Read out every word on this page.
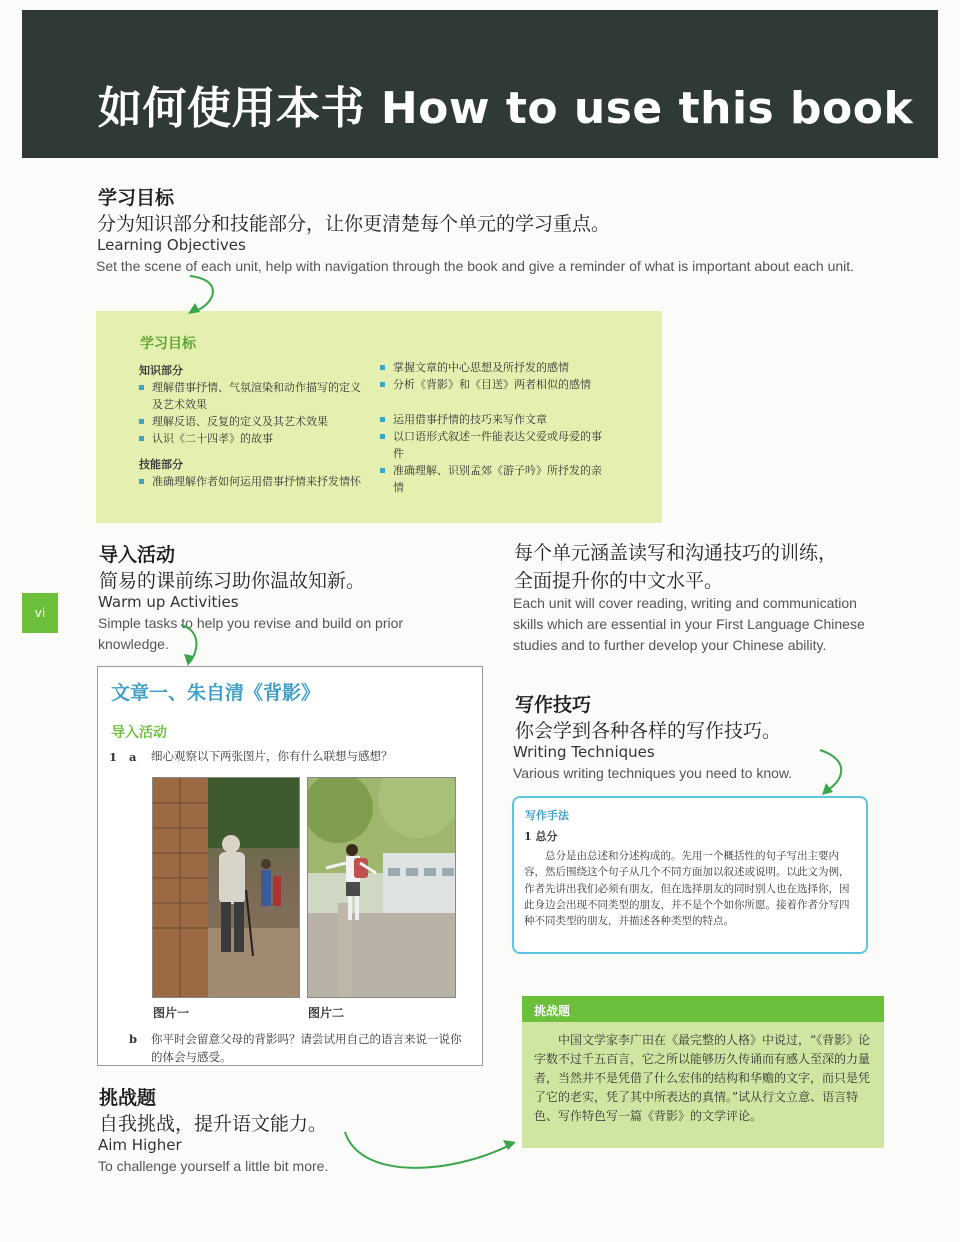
如何使用本书 How to use this book
学习目标
分为知识部分和技能部分，让你更清楚每个单元的学习重点。
Learning Objectives
Set the scene of each unit, help with navigation through the book and give a reminder of what is important about each unit.
学习目标
知识部分
理解借事抒情、气氛渲染和动作描写的定义及艺术效果
理解反语、反复的定义及其艺术效果
认识《二十四孝》的故事
技能部分
准确理解作者如何运用借事抒情来抒发情怀
掌握文章的中心思想及所抒发的感情
分析《背影》和《目送》两者相似的感情
运用借事抒情的技巧来写作文章
以口语形式叙述一件能表达父爱或母爱的事件
准确理解、识别孟郊《游子吟》所抒发的亲情
vi
导入活动
简易的课前练习助你温故知新。
Warm up Activities
Simple tasks to help you revise and build on prior knowledge.
文章一、朱自清《背影》
导入活动
1 a 细心观察以下两张图片，你有什么联想与感想？
图片一	图片二
b 你平时会留意父母的背影吗？请尝试用自己的语言来说一说你的体会与感受。
每个单元涵盖读写和沟通技巧的训练，
全面提升你的中文水平。
Each unit will cover reading, writing and communication skills which are essential in your First Language Chinese studies and to further develop your Chinese ability.
写作技巧
你会学到各种各样的写作技巧。
Writing Techniques
Various writing techniques you need to know.
写作手法
1 总分
总分是由总述和分述构成的。先用一个概括性的句子写出主要内容，然后围绕这个句子从几个不同方面加以叙述或说明。以此文为例，作者先讲出我们必须有朋友，但在选择朋友的同时别人也在选择你，因此身边会出现不同类型的朋友，并不是个个如你所愿。接着作者分写四种不同类型的朋友，并描述各种类型的特点。
挑战题
自我挑战，提升语文能力。
Aim Higher
To challenge yourself a little bit more.
挑战题
中国文学家李广田在《最完整的人格》中说过，“《背影》论字数不过千五百言，它之所以能够历久传诵而有感人至深的力量者，当然并不是凭借了什么宏伟的结构和华赡的文字，而只是凭了它的老实，凭了其中所表达的真情。”试从行文立意、语言特色、写作特色写一篇《背影》的文学评论。
